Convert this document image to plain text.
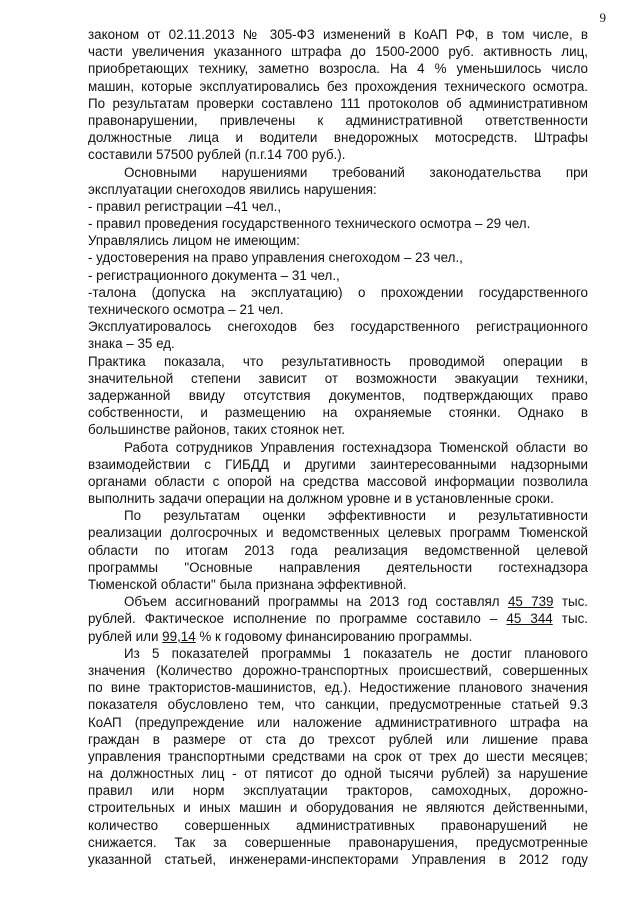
9
законом от 02.11.2013 № 305-ФЗ изменений в КоАП РФ, в том числе, в
части увеличения указанного штрафа до 1500-2000 руб. активность лиц,
приобретающих технику, заметно возросла. На 4 % уменьшилось число
машин, которые эксплуатировались без прохождения технического осмотра.
По результатам проверки составлено 111 протоколов об административном
правонарушении, привлечены к административной ответственности
должностные лица и водители внедорожных мотосредств. Штрафы
составили 57500 рублей (п.г.14 700 руб.).
Основными нарушениями требований законодательства при
эксплуатации снегоходов явились нарушения:
- правил регистрации –41 чел.,
- правил проведения государственного технического осмотра – 29 чел.
Управлялись лицом не имеющим:
- удостоверения на право управления снегоходом – 23 чел.,
- регистрационного документа – 31 чел.,
-талона (допуска на эксплуатацию) о прохождении государственного
технического осмотра – 21 чел.
Эксплуатировалось снегоходов без государственного регистрационного
знака – 35 ед.
Практика показала, что результативность проводимой операции в
значительной степени зависит от возможности эвакуации техники,
задержанной ввиду отсутствия документов, подтверждающих право
собственности, и размещению на охраняемые стоянки. Однако в
большинстве районов, таких стоянок нет.
Работа сотрудников Управления гостехнадзора Тюменской области во
взаимодействии с ГИБДД и другими заинтересованными надзорными
органами области с опорой на средства массовой информации позволила
выполнить задачи операции на должном уровне и в установленные сроки.
По результатам оценки эффективности и результативности
реализации долгосрочных и ведомственных целевых программ Тюменской
области по итогам 2013 года реализация ведомственной целевой
программы "Основные направления деятельности гостехнадзора
Тюменской области" была признана эффективной.
Объем ассигнований программы на 2013 год составлял 45 739 тыс.
рублей. Фактическое исполнение по программе составило – 45 344 тыс.
рублей или 99,14 % к годовому финансированию программы.
Из 5 показателей программы 1 показатель не достиг планового
значения (Количество дорожно-транспортных происшествий, совершенных
по вине трактористов-машинистов, ед.). Недостижение планового значения
показателя обусловлено тем, что санкции, предусмотренные статьей 9.3
КоАП (предупреждение или наложение административного штрафа на
граждан в размере от ста до трехсот рублей или лишение права
управления транспортными средствами на срок от трех до шести месяцев;
на должностных лиц - от пятисот до одной тысячи рублей) за нарушение
правил или норм эксплуатации тракторов, самоходных, дорожно-
строительных и иных машин и оборудования не являются действенными,
количество совершенных административных правонарушений не
снижается. Так за совершенные правонарушения, предусмотренные
указанной статьей, инженерами-инспекторами Управления в 2012 году
